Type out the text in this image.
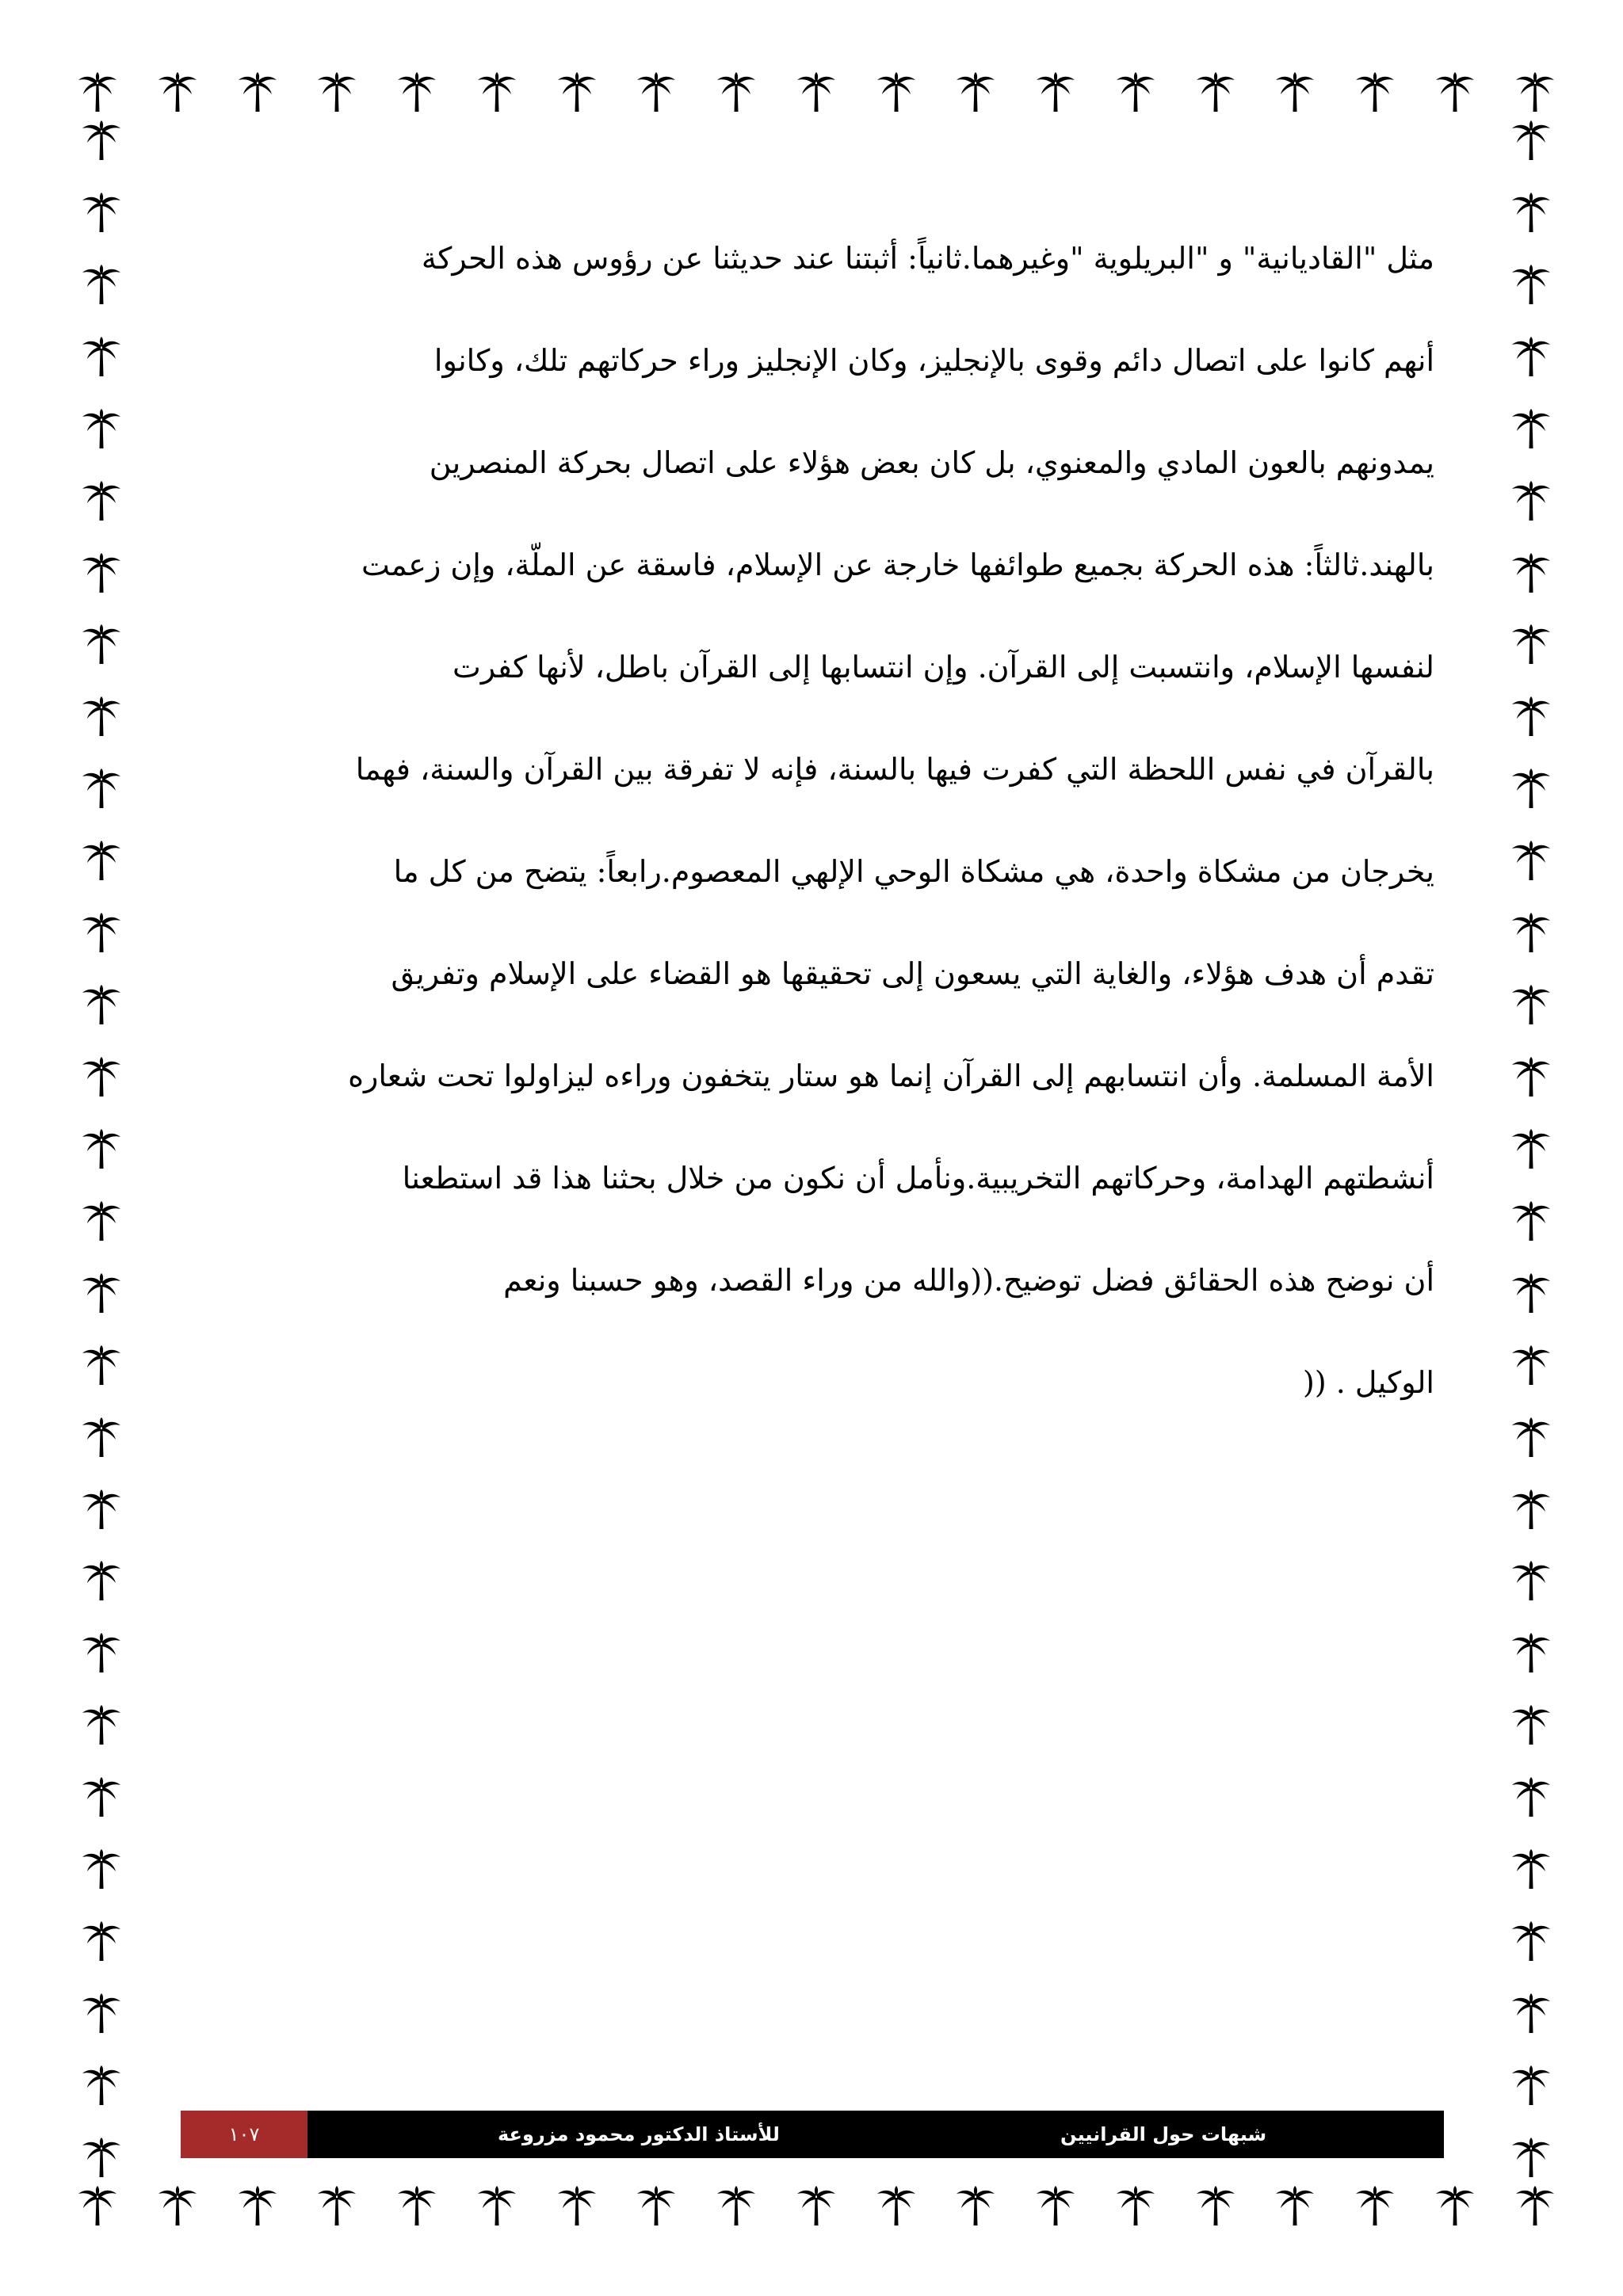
مثل "القاديانية" و "البريلوية "وغيرهما.ثانياً: أثبتنا عند حديثنا عن رؤوس هذه الحركة
أنهم كانوا على اتصال دائم وقوى بالإنجليز، وكان الإنجليز وراء حركاتهم تلك، وكانوا
يمدونهم بالعون المادي والمعنوي، بل كان بعض هؤلاء على اتصال بحركة المنصرين
بالهند.ثالثاً: هذه الحركة بجميع طوائفها خارجة عن الإسلام، فاسقة عن الملّة، وإن زعمت
لنفسها الإسلام، وانتسبت إلى القرآن. وإن انتسابها إلى القرآن باطل، لأنها كفرت
بالقرآن في نفس اللحظة التي كفرت فيها بالسنة، فإنه لا تفرقة بين القرآن والسنة، فهما
يخرجان من مشكاة واحدة، هي مشكاة الوحي الإلهي المعصوم.رابعاً: يتضح من كل ما
تقدم أن هدف هؤلاء، والغاية التي يسعون إلى تحقيقها هو القضاء على الإسلام وتفريق
الأمة المسلمة. وأن انتسابهم إلى القرآن إنما هو ستار يتخفون وراءه ليزاولوا تحت شعاره
أنشطتهم الهدامة، وحركاتهم التخريبية.ونأمل أن نكون من خلال بحثنا هذا قد استطعنا
أن نوضح هذه الحقائق فضل توضيح.((والله من وراء القصد، وهو حسبنا ونعم
الوكيل . ((
١٠٧	للأستاذ الدكتور محمود مزروعة	شبهات حول القرانيين
